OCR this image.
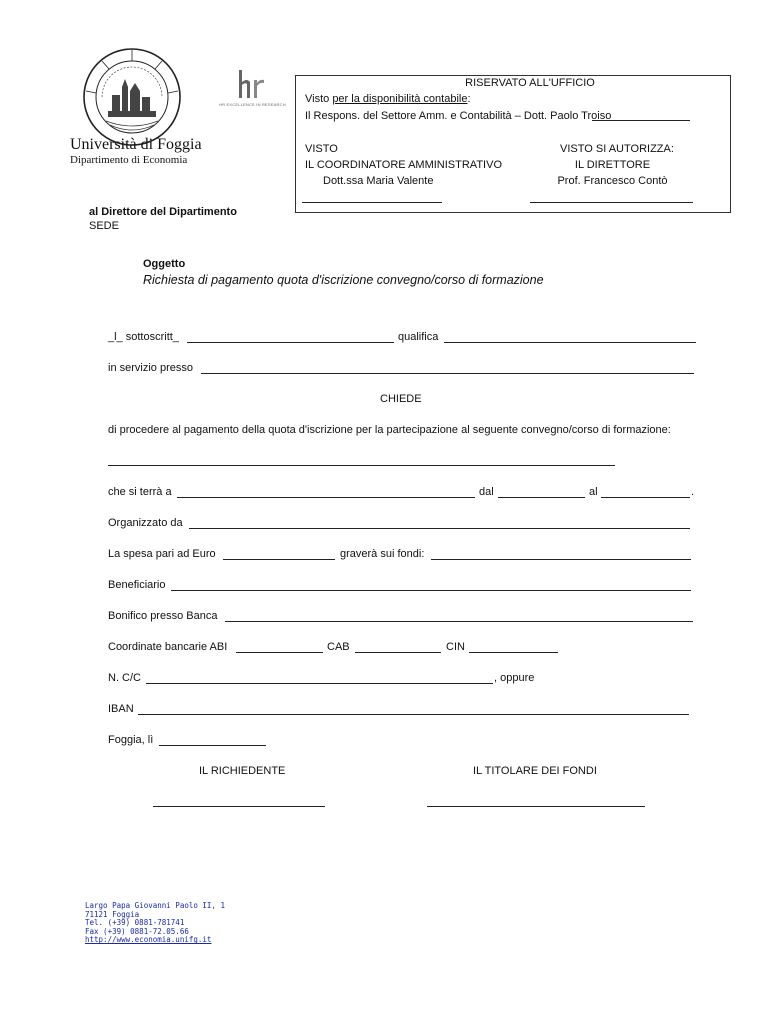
Università di Foggia
Dipartimento di Economia
HR EXCELLENCE IN RESEARCH
RISERVATO ALL'UFFICIO
Visto per la disponibilità contabile:
Il Respons. del Settore Amm. e Contabilità – Dott. Paolo Troiso
VISTO
IL COORDINATORE AMMINISTRATIVO
Dott.ssa Maria Valente
VISTO SI AUTORIZZA:
IL DIRETTORE
Prof. Francesco Contò
al Direttore del Dipartimento
SEDE
Oggetto
Richiesta di pagamento quota d'iscrizione convegno/corso di formazione
_l_ sottoscritt_	qualifica
in servizio presso
CHIEDE
di procedere al pagamento della quota d'iscrizione per la partecipazione al seguente convegno/corso di formazione:
che si terrà a	dal	al	.
Organizzato da
La spesa pari ad Euro	graverà sui fondi:
Beneficiario
Bonifico presso Banca
Coordinate bancarie ABI	CAB	CIN
N. C/C	, oppure
IBAN
Foggia, lì
IL RICHIEDENTE	IL TITOLARE DEI FONDI
Largo Papa Giovanni Paolo II, 1
71121 Foggia
Tel. (+39) 0881-781741
Fax (+39) 0881-72.05.66
http://www.economia.unifg.it
